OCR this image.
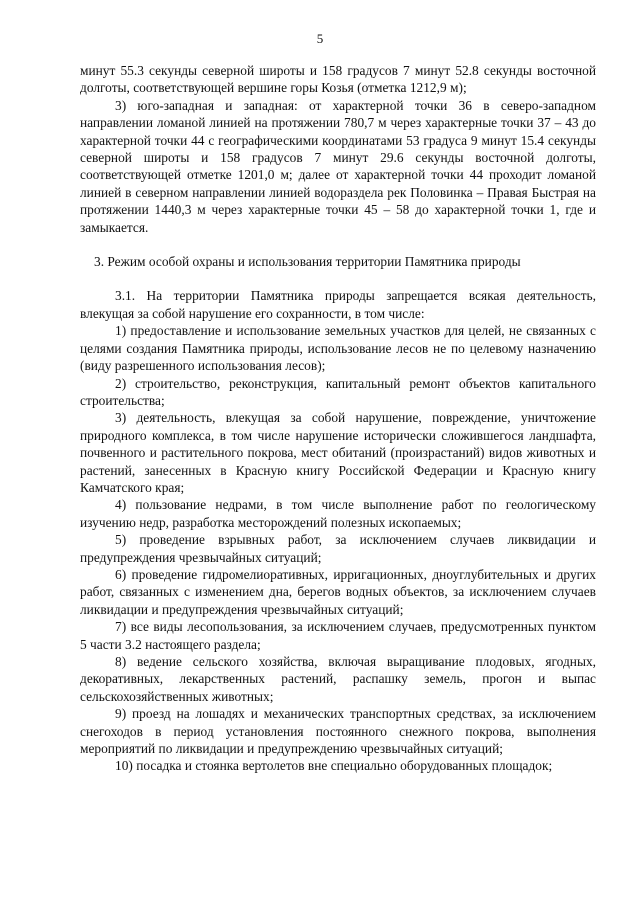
5

минут 55.3 секунды северной широты и 158 градусов 7 минут 52.8 секунды восточной долготы, соответствующей вершине горы Козья (отметка 1212,9 м);

3) юго-западная и западная: от характерной точки 36 в северо-западном направлении ломаной линией на протяжении 780,7 м через характерные точки 37 – 43 до характерной точки 44 с географическими координатами 53 градуса 9 минут 15.4 секунды северной широты и 158 градусов 7 минут 29.6 секунды восточной долготы, соответствующей отметке 1201,0 м; далее от характерной точки 44 проходит ломаной линией в северном направлении линией водораздела рек Половинка – Правая Быстрая на протяжении 1440,3 м через характерные точки 45 – 58 до характерной точки 1, где и замыкается.

3. Режим особой охраны и использования территории Памятника природы

3.1. На территории Памятника природы запрещается всякая деятельность, влекущая за собой нарушение его сохранности, в том числе:

1) предоставление и использование земельных участков для целей, не связанных с целями создания Памятника природы, использование лесов не по целевому назначению (виду разрешенного использования лесов);

2) строительство, реконструкция, капитальный ремонт объектов капитального строительства;

3) деятельность, влекущая за собой нарушение, повреждение, уничтожение природного комплекса, в том числе нарушение исторически сложившегося ландшафта, почвенного и растительного покрова, мест обитаний (произрастаний) видов животных и растений, занесенных в Красную книгу Российской Федерации и Красную книгу Камчатского края;

4) пользование недрами, в том числе выполнение работ по геологическому изучению недр, разработка месторождений полезных ископаемых;

5) проведение взрывных работ, за исключением случаев ликвидации и предупреждения чрезвычайных ситуаций;

6) проведение гидромелиоративных, ирригационных, дноуглубительных и других работ, связанных с изменением дна, берегов водных объектов, за исключением случаев ликвидации и предупреждения чрезвычайных ситуаций;

7) все виды лесопользования, за исключением случаев, предусмотренных пунктом 5 части 3.2 настоящего раздела;

8) ведение сельского хозяйства, включая выращивание плодовых, ягодных, декоративных, лекарственных растений, распашку земель, прогон и выпас сельскохозяйственных животных;

9) проезд на лошадях и механических транспортных средствах, за исключением снегоходов в период установления постоянного снежного покрова, выполнения мероприятий по ликвидации и предупреждению чрезвычайных ситуаций;

10) посадка и стоянка вертолетов вне специально оборудованных площадок;
